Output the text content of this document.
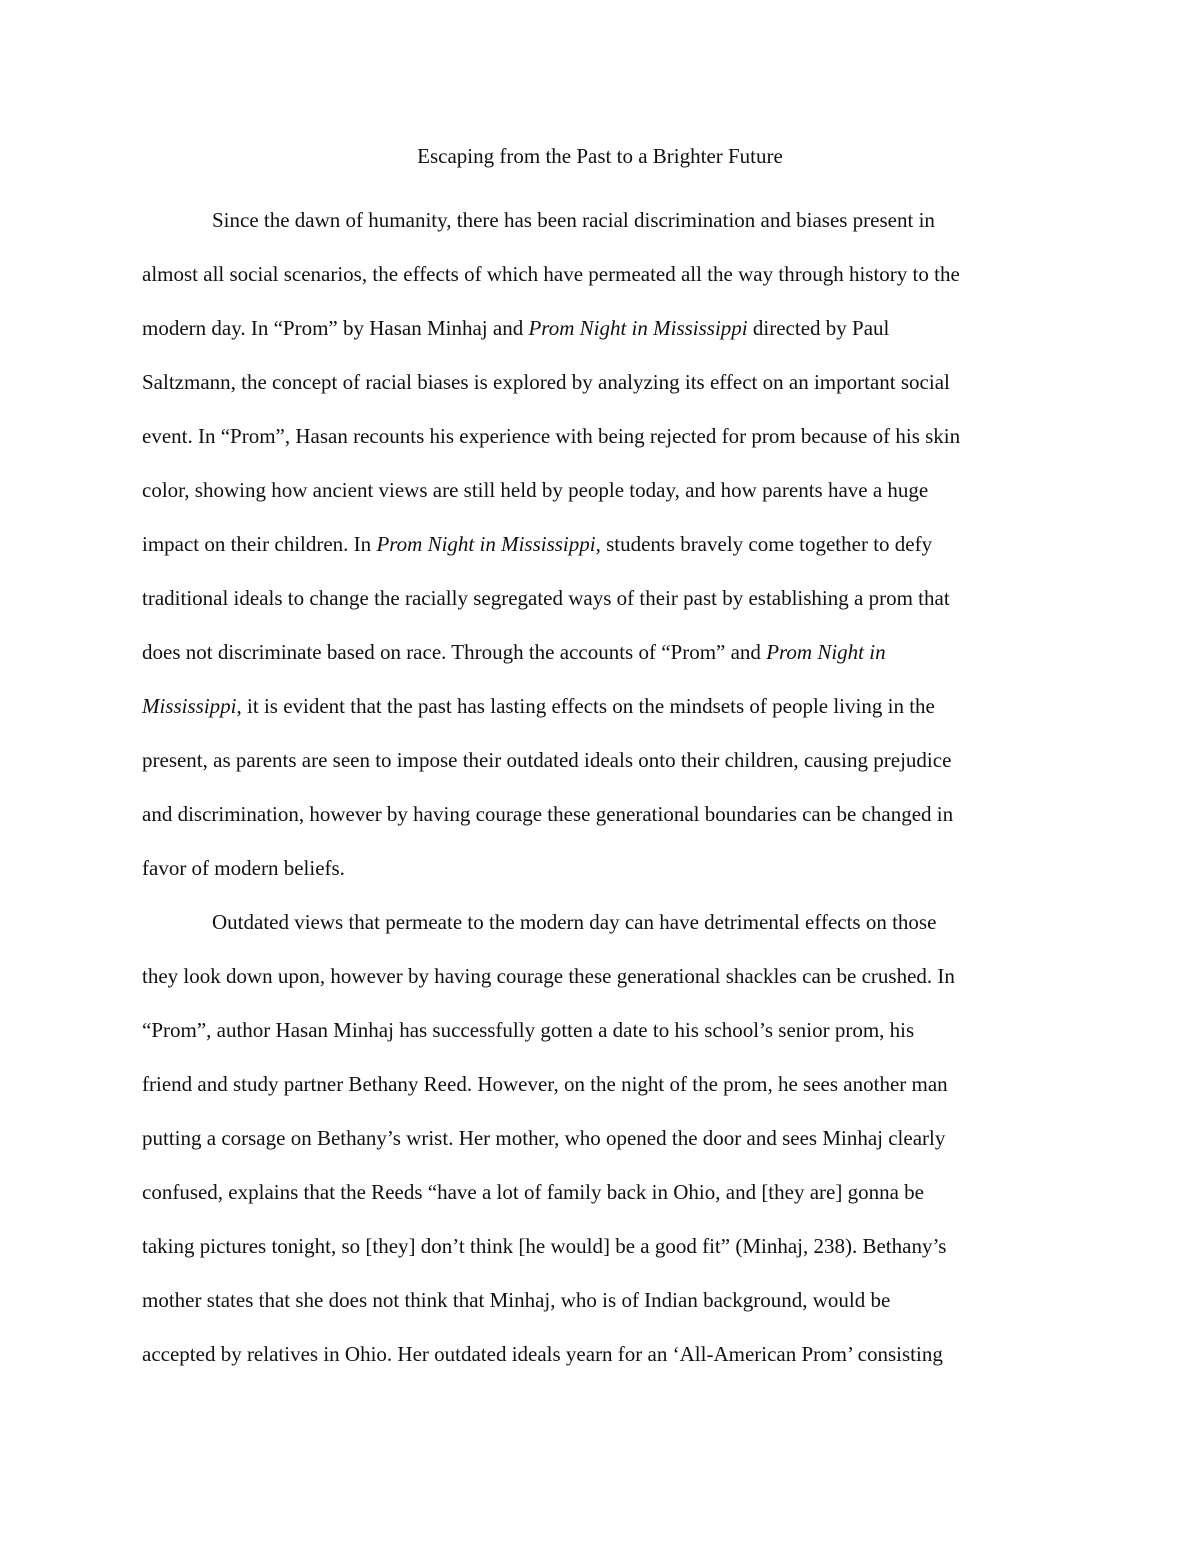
Escaping from the Past to a Brighter Future

Since the dawn of humanity, there has been racial discrimination and biases present in
almost all social scenarios, the effects of which have permeated all the way through history to the
modern day. In “Prom” by Hasan Minhaj and Prom Night in Mississippi directed by Paul
Saltzmann, the concept of racial biases is explored by analyzing its effect on an important social
event. In “Prom”, Hasan recounts his experience with being rejected for prom because of his skin
color, showing how ancient views are still held by people today, and how parents have a huge
impact on their children. In Prom Night in Mississippi, students bravely come together to defy
traditional ideals to change the racially segregated ways of their past by establishing a prom that
does not discriminate based on race. Through the accounts of “Prom” and Prom Night in
Mississippi, it is evident that the past has lasting effects on the mindsets of people living in the
present, as parents are seen to impose their outdated ideals onto their children, causing prejudice
and discrimination, however by having courage these generational boundaries can be changed in
favor of modern beliefs.

Outdated views that permeate to the modern day can have detrimental effects on those
they look down upon, however by having courage these generational shackles can be crushed. In
“Prom”, author Hasan Minhaj has successfully gotten a date to his school’s senior prom, his
friend and study partner Bethany Reed. However, on the night of the prom, he sees another man
putting a corsage on Bethany’s wrist. Her mother, who opened the door and sees Minhaj clearly
confused, explains that the Reeds “have a lot of family back in Ohio, and [they are] gonna be
taking pictures tonight, so [they] don’t think [he would] be a good fit” (Minhaj, 238). Bethany’s
mother states that she does not think that Minhaj, who is of Indian background, would be
accepted by relatives in Ohio. Her outdated ideals yearn for an ‘All-American Prom’ consisting
